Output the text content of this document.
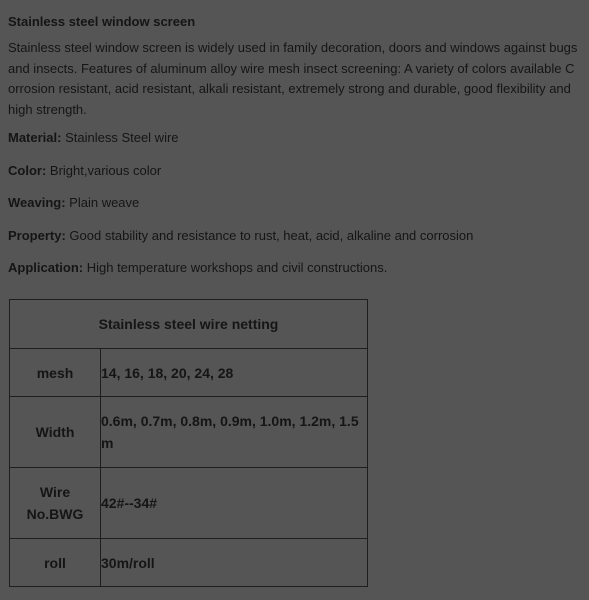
Stainless steel window screen

Stainless steel window screen is widely used in family decoration, doors and windows against bugs and insects. Features of aluminum alloy wire mesh insect screening: A variety of colors available Corrosion resistant, acid resistant, alkali resistant, extremely strong and durable, good flexibility and high strength.

Material: Stainless Steel wire

Color: Bright,various color

Weaving: Plain weave

Property: Good stability and resistance to rust, heat, acid, alkaline and corrosion

Application: High temperature workshops and civil constructions.

Stainless steel wire netting	
mesh	14, 16, 18, 20, 24, 28
Width	0.6m, 0.7m, 0.8m, 0.9m, 1.0m, 1.2m, 1.5m
Wire No.BWG	42#--34#
roll	30m/roll
